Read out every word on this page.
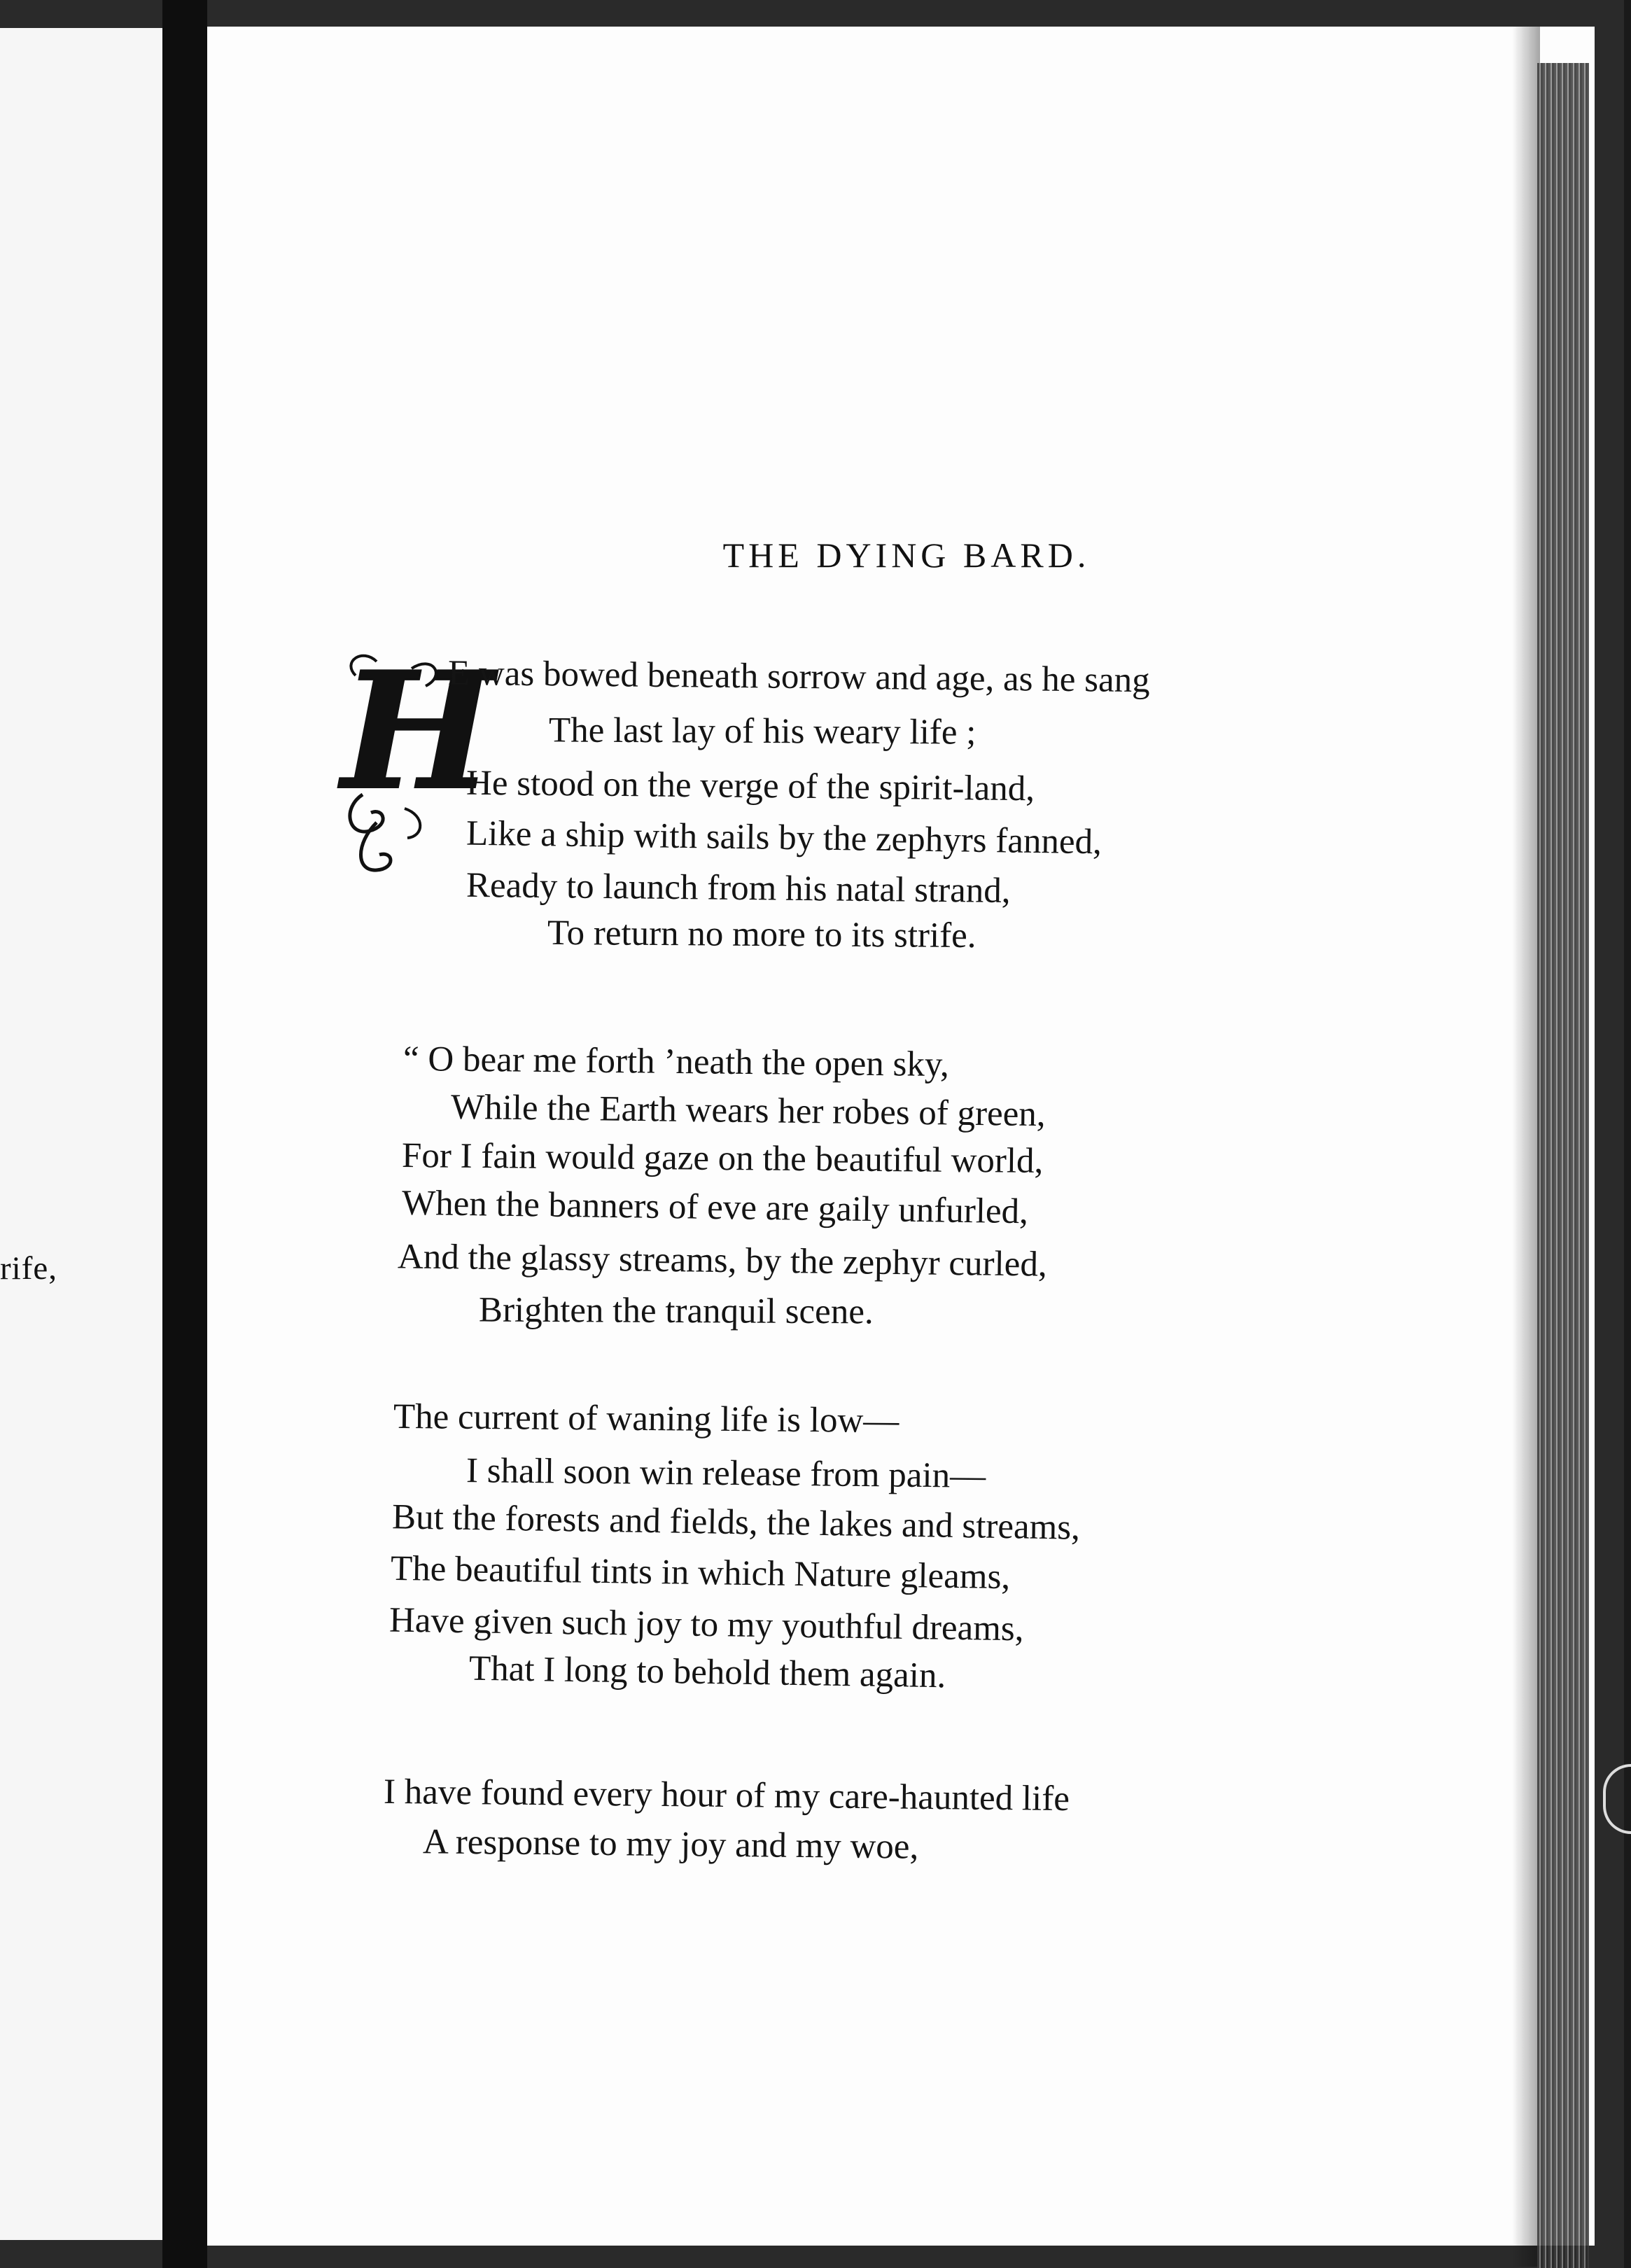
rife,
THE DYING BARD.
H
E was bowed beneath sorrow and age, as he sang
The last lay of his weary life ;
He stood on the verge of the spirit-land,
Like a ship with sails by the zephyrs fanned,
Ready to launch from his natal strand,
To return no more to its strife.
“ O bear me forth ’neath the open sky,
While the Earth wears her robes of green,
For I fain would gaze on the beautiful world,
When the banners of eve are gaily unfurled,
And the glassy streams, by the zephyr curled,
Brighten the tranquil scene.
The current of waning life is low—
I shall soon win release from pain—
But the forests and fields, the lakes and streams,
The beautiful tints in which Nature gleams,
Have given such joy to my youthful dreams,
That I long to behold them again.
I have found every hour of my care-haunted life
A response to my joy and my woe,
